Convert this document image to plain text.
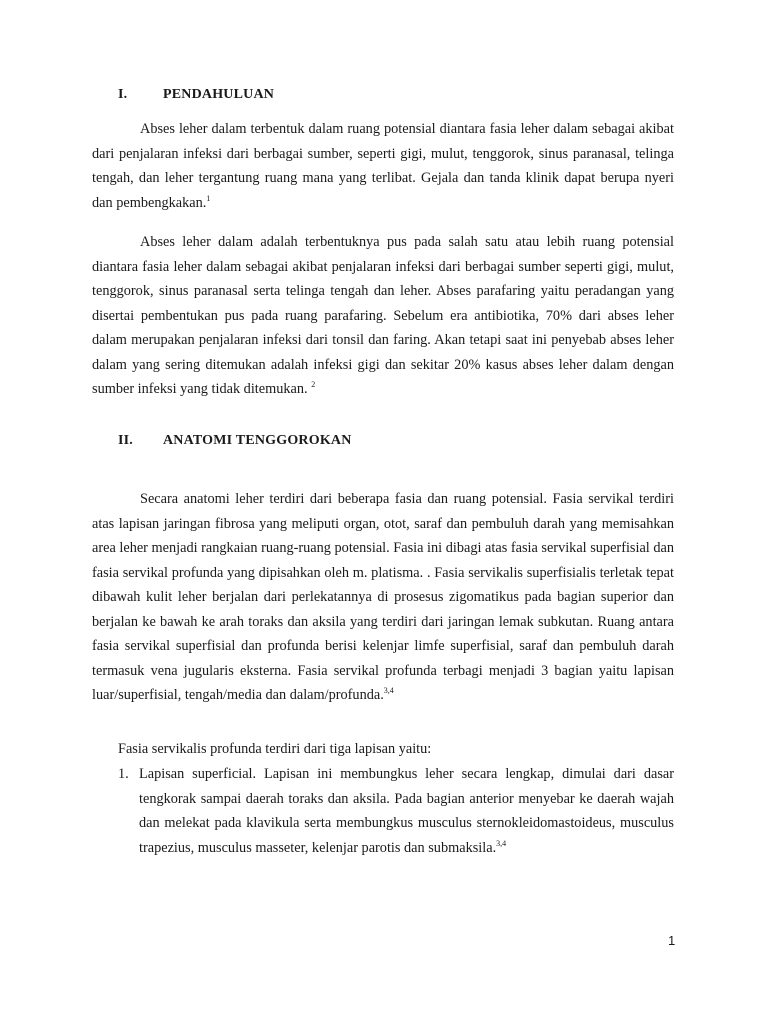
I.	PENDAHULUAN

Abses leher dalam terbentuk dalam ruang potensial diantara fasia leher dalam sebagai akibat dari penjalaran infeksi dari berbagai sumber, seperti gigi, mulut, tenggorok, sinus paranasal, telinga tengah, dan leher tergantung ruang mana yang terlibat. Gejala dan tanda klinik dapat berupa nyeri dan pembengkakan.$^1$

Abses leher dalam adalah terbentuknya pus pada salah satu atau lebih ruang potensial diantara fasia leher dalam sebagai akibat penjalaran infeksi dari berbagai sumber seperti gigi, mulut, tenggorok, sinus paranasal serta telinga tengah dan leher. Abses parafaring yaitu peradangan yang disertai pembentukan pus pada ruang parafaring. Sebelum era antibiotika, 70% dari abses leher dalam merupakan penjalaran infeksi dari tonsil dan faring. Akan tetapi saat ini penyebab abses leher dalam yang sering ditemukan adalah infeksi gigi dan sekitar 20% kasus abses leher dalam dengan sumber infeksi yang tidak ditemukan. $^2$

II. ANATOMI TENGGOROKAN

Secara anatomi leher terdiri dari beberapa fasia dan ruang potensial. Fasia servikal terdiri atas lapisan jaringan fibrosa yang meliputi organ, otot, saraf dan pembuluh darah yang memisahkan area leher menjadi rangkaian ruang-ruang potensial. Fasia ini dibagi atas fasia servikal superfisial dan fasia servikal profunda yang dipisahkan oleh m. platisma. . Fasia servikalis superfisialis terletak tepat dibawah kulit leher berjalan dari perlekatannya di prosesus zigomatikus pada bagian superior dan berjalan ke bawah ke arah toraks dan aksila yang terdiri dari jaringan lemak subkutan. Ruang antara fasia servikal superfisial dan profunda berisi kelenjar limfe superfisial, saraf dan pembuluh darah termasuk vena jugularis eksterna. Fasia servikal profunda terbagi menjadi 3 bagian yaitu lapisan luar/superfisial, tengah/media dan dalam/profunda.$^{3,4}$

Fasia servikalis profunda terdiri dari tiga lapisan yaitu:

1. Lapisan superficial. Lapisan ini membungkus leher secara lengkap, dimulai dari dasar tengkorak sampai daerah toraks dan aksila. Pada bagian anterior menyebar ke daerah wajah dan melekat pada klavikula serta membungkus musculus sternokleidomastoideus, musculus trapezius, musculus masseter, kelenjar parotis dan submaksila.$^{3,4}$
1
